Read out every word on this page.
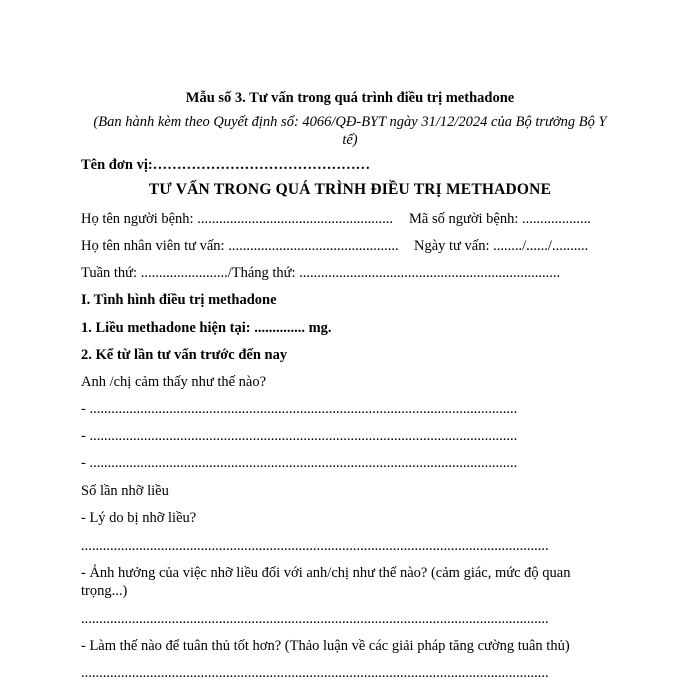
Mẫu số 3. Tư vấn trong quá trình điều trị methadone
(Ban hành kèm theo Quyết định số: 4066/QĐ-BYT ngày 31/12/2024 của Bộ trưởng Bộ Y
tế)
Tên đơn vị:………………………………………
TƯ VẤN TRONG QUÁ TRÌNH ĐIỀU TRỊ METHADONE
Họ tên người bệnh: ...................................................... Mã số người bệnh: ...................
Họ tên nhân viên tư vấn: ............................................... Ngày tư vấn: ......../....../..........
Tuần thứ: ......................../Tháng thứ: ........................................................................
I. Tình hình điều trị methadone
1. Liều methadone hiện tại: .............. mg.
2. Kể từ lần tư vấn trước đến nay
Anh /chị cảm thấy như thế nào?
- ......................................................................................................................
- ......................................................................................................................
- ......................................................................................................................
Số lần nhỡ liều
- Lý do bị nhỡ liều?
.................................................................................................................................
- Ảnh hưởng của việc nhỡ liều đối với anh/chị như thế nào? (cảm giác, mức độ quan
trọng...)
.................................................................................................................................
- Làm thế nào để tuân thủ tốt hơn? (Thảo luận về các giải pháp tăng cường tuân thủ)
.................................................................................................................................
